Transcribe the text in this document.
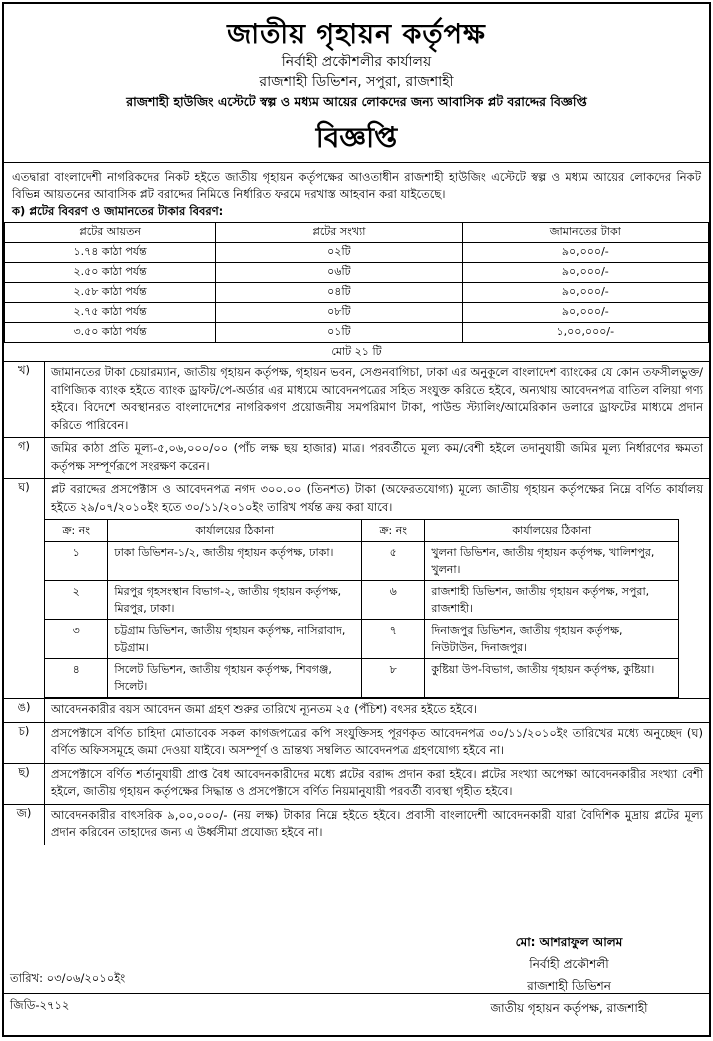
জাতীয় গৃহায়ন কর্তৃপক্ষ
নির্বাহী প্রকৌশলীর কার্যালয়
রাজশাহী ডিভিশন, সপুরা, রাজশাহী
রাজশাহী হাউজিং এস্টেটে স্বল্প ও মধ্যম আয়ের লোকদের জন্য আবাসিক প্লট বরাদ্দের বিজ্ঞপ্তি
বিজ্ঞপ্তি
এতদ্বারা বাংলাদেশী নাগরিকদের নিকট হইতে জাতীয় গৃহায়ন কর্তৃপক্ষের আওতাধীন রাজশাহী হাউজিং এস্টেটে স্বল্প ও মধ্যম আয়ের লোকদের নিকট বিভিন্ন আয়তনের আবাসিক প্লট বরাদ্দের নিমিত্তে নির্ধারিত ফরমে দরখাস্ত আহবান করা যাইতেছে।
ক) প্লটের বিবরণ ও জামানতের টাকার বিবরণ:
প্লটের আয়তন	প্লটের সংখ্যা	জামানতের টাকা
১.৭৪ কাঠা পর্যন্ত	০২টি	৯০,০০০/-
২.৫০ কাঠা পর্যন্ত	০৬টি	৯০,০০০/-
২.৫৮ কাঠা পর্যন্ত	০৪টি	৯০,০০০/-
২.৭৫ কাঠা পর্যন্ত	০৮টি	৯০,০০০/-
৩.৫০ কাঠা পর্যন্ত	০১টি	১,০০,০০০/-
মোট ২১ টি
খ)	জামানতের টাকা চেয়ারম্যান, জাতীয় গৃহায়ন কর্তৃপক্ষ, গৃহায়ন ভবন, সেগুনবাগিচা, ঢাকা এর অনুকূলে বাংলাদেশ ব্যাংকের যে কোন তফসীলভুক্ত/বাণিজ্যিক ব্যাংক হইতে ব্যাংক ড্রাফট/পে-অর্ডার এর মাধ্যমে আবেদনপত্রের সহিত সংযুক্ত করিতে হইবে, অন্যথায় আবেদনপত্র বাতিল বলিয়া গণ্য হইবে। বিদেশে অবস্থানরত বাংলাদেশের নাগরিকগণ প্রয়োজনীয় সমপরিমাণ টাকা, পাউন্ড স্ট্যালিং/আমেরিকান ডলারে ড্রাফটের মাধ্যমে প্রদান করিতে পারিবেন।
গ)	জমির কাঠা প্রতি মূল্য-৫,০৬,০০০/০০ (পাঁচ লক্ষ ছয় হাজার) মাত্র। পরবর্তীতে মূল্য কম/বেশী হইলে তদানুযায়ী জমির মূল্য নির্ধারণের ক্ষমতা কর্তৃপক্ষ সম্পূর্ণরূপে সংরক্ষণ করেন।
ঘ)	প্লট বরাদ্দের প্রসপেক্টাস ও আবেদনপত্র নগদ ৩০০.০০ (তিনশত) টাকা (অফেরতযোগ্য) মূল্যে জাতীয় গৃহায়ন কর্তৃপক্ষের নিম্নে বর্ণিত কার্যালয় হইতে ২৯/০৭/২০১০ইং হতে ৩০/১১/২০১০ইং তারিখ পর্যন্ত ক্রয় করা যাবে।
ক্র: নং	কার্যালয়ের ঠিকানা	ক্র: নং	কার্যালয়ের ঠিকানা
১	ঢাকা ডিভিশন-১/২, জাতীয় গৃহায়ন কর্তৃপক্ষ, ঢাকা।	৫	খুলনা ডিভিশন, জাতীয় গৃহায়ন কর্তৃপক্ষ, খালিশপুর, খুলনা।
২	মিরপুর গৃহসংস্থান বিভাগ-২, জাতীয় গৃহায়ন কর্তৃপক্ষ, মিরপুর, ঢাকা।	৬	রাজশাহী ডিভিশন, জাতীয় গৃহায়ন কর্তৃপক্ষ, সপুরা, রাজশাহী।
৩	চট্টগ্রাম ডিভিশন, জাতীয় গৃহায়ন কর্তৃপক্ষ, নাসিরাবাদ, চট্টগ্রাম।	৭	দিনাজপুর ডিভিশন, জাতীয় গৃহায়ন কর্তৃপক্ষ, নিউটাউন, দিনাজপুর।
৪	সিলেট ডিভিশন, জাতীয় গৃহায়ন কর্তৃপক্ষ, শিবগঞ্জ, সিলেট।	৮	কুষ্টিয়া উপ-বিভাগ, জাতীয় গৃহায়ন কর্তৃপক্ষ, কুষ্টিয়া।
ঙ)	আবেদনকারীর বয়স আবেদন জমা গ্রহণ শুরুর তারিখে ন্যূনতম ২৫ (পঁচিশ) বৎসর হইতে হইবে।
চ)	প্রসপেক্টাসে বর্ণিত চাহিদা মোতাবেক সকল কাগজপত্রের কপি সংযুক্তিসহ পূরণকৃত আবেদনপত্র ৩০/১১/২০১০ইং তারিখের মধ্যে অনুচ্ছেদ (ঘ) বর্ণিত অফিসসমূহে জমা দেওয়া যাইবে। অসম্পূর্ণ ও ভ্রান্তথ্য সম্বলিত আবেদনপত্র গ্রহণযোগ্য হইবে না।
ছ)	প্রসপেক্টাসে বর্ণিত শর্তানুযায়ী প্রাপ্ত বৈধ আবেদনকারীদের মধ্যে প্লটের বরাদ্দ প্রদান করা হইবে। প্লটের সংখ্যা অপেক্ষা আবেদনকারীর সংখ্যা বেশী হইলে, জাতীয় গৃহায়ন কর্তৃপক্ষের সিদ্ধান্ত ও প্রসপেক্টাসে বর্ণিত নিয়মানুযায়ী পরবর্তী ব্যবস্থা গৃহীত হইবে।
জ)	আবেদনকারীর বাৎসরিক ৯,০০,০০০/- (নয় লক্ষ) টাকার নিম্নে হইতে হইবে। প্রবাসী বাংলাদেশী আবেদনকারী যারা বৈদিশিক মুদ্রায় প্লটের মূল্য প্রদান করিবেন তাহাদের জন্য এ উর্ধ্বসীমা প্রযোজ্য হইবে না।
মো: আশরাফুল আলম
নির্বাহী প্রকৌশলী
রাজশাহী ডিভিশন
জাতীয় গৃহায়ন কর্তৃপক্ষ, রাজশাহী
তারিখ: ০৩/০৬/২০১০ইং
জিডি-২৭১২
